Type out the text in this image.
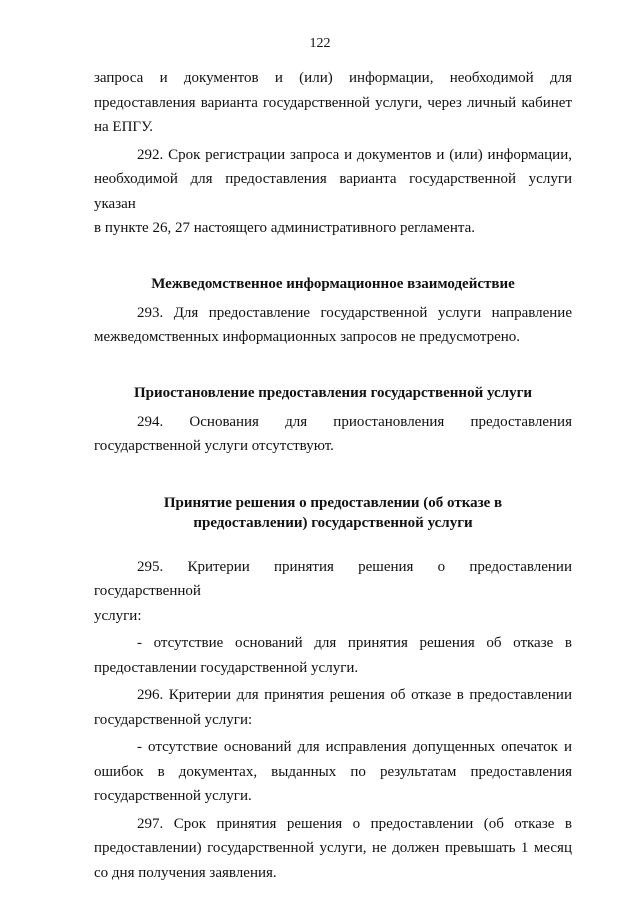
122

запроса и документов и (или) информации, необходимой для

предоставления варианта государственной услуги, через личный кабинет на ЕПГУ.

292. Срок регистрации запроса и документов и (или) информации,

необходимой для предоставления варианта государственной услуги указан

в пункте 26, 27 настоящего административного регламента.

Межведомственное информационное взаимодействие

293. Для предоставление государственной услуги направление

межведомственных информационных запросов не предусмотрено.

Приостановление предоставления государственной услуги

294. Основания для приостановления предоставления

государственной услуги отсутствуют.

Принятие решения о предоставлении (об отказе в
предоставлении) государственной услуги

295. Критерии принятия решения о предоставлении государственной

услуги:

- отсутствие оснований для принятия решения об отказе в

предоставлении государственной услуги.

296. Критерии для принятия решения об отказе в предоставлении

государственной услуги:

- отсутствие оснований для исправления допущенных опечаток и

ошибок в документах, выданных по результатам предоставления

государственной услуги.

297. Срок принятия решения о предоставлении (об отказе в

предоставлении) государственной услуги, не должен превышать 1 месяц

со дня получения заявления.
